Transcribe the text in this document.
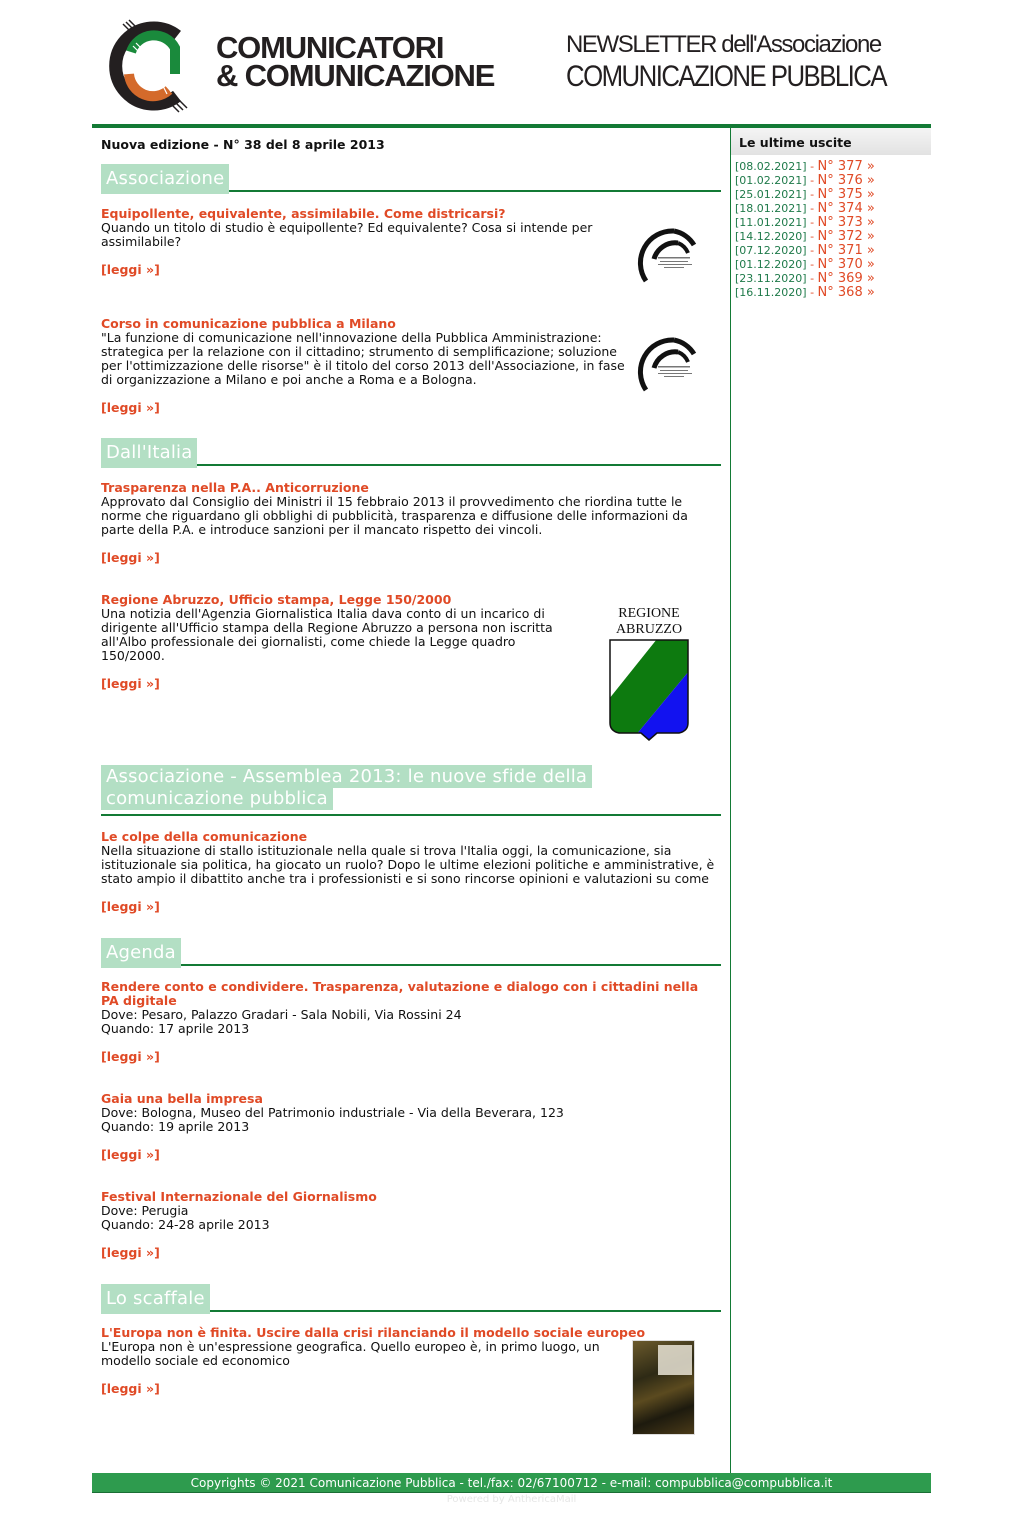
COMUNICATORI
& COMUNICAZIONE
NEWSLETTER dell'Associazione
COMUNICAZIONE PUBBLICA
Nuova edizione - N° 38 del 8 aprile 2013
Associazione
Equipollente, equivalente, assimilabile. Come districarsi?
Quando un titolo di studio è equipollente? Ed equivalente? Cosa si intende per assimilabile?
[leggi »]
Corso in comunicazione pubblica a Milano
"La funzione di comunicazione nell'innovazione della Pubblica Amministrazione: strategica per la relazione con il cittadino; strumento di semplificazione; soluzione per l'ottimizzazione delle risorse" è il titolo del corso 2013 dell'Associazione, in fase di organizzazione a Milano e poi anche a Roma e a Bologna.
[leggi »]
Dall'Italia
Trasparenza nella P.A.. Anticorruzione
Approvato dal Consiglio dei Ministri il 15 febbraio 2013 il provvedimento che riordina tutte le norme che riguardano gli obblighi di pubblicità, trasparenza e diffusione delle informazioni da parte della P.A. e introduce sanzioni per il mancato rispetto dei vincoli.
[leggi »]
Regione Abruzzo, Ufficio stampa, Legge 150/2000
Una notizia dell'Agenzia Giornalistica Italia dava conto di un incarico di dirigente all'Ufficio stampa della Regione Abruzzo a persona non iscritta all'Albo professionale dei giornalisti, come chiede la Legge quadro 150/2000.
[leggi »]
REGIONE
ABRUZZO
Associazione - Assemblea 2013: le nuove sfide della comunicazione pubblica
Le colpe della comunicazione
Nella situazione di stallo istituzionale nella quale si trova l'Italia oggi, la comunicazione, sia istituzionale sia politica, ha giocato un ruolo? Dopo le ultime elezioni politiche e amministrative, è stato ampio il dibattito anche tra i professionisti e si sono rincorse opinioni e valutazioni su come
[leggi »]
Agenda
Rendere conto e condividere. Trasparenza, valutazione e dialogo con i cittadini nella PA digitale
Dove: Pesaro, Palazzo Gradari - Sala Nobili, Via Rossini 24
Quando: 17 aprile 2013
[leggi »]
Gaia una bella impresa
Dove: Bologna, Museo del Patrimonio industriale - Via della Beverara, 123
Quando: 19 aprile 2013
[leggi »]
Festival Internazionale del Giornalismo
Dove: Perugia
Quando: 24-28 aprile 2013
[leggi »]
Lo scaffale
L'Europa non è finita. Uscire dalla crisi rilanciando il modello sociale europeo
L'Europa non è un'espressione geografica. Quello europeo è, in primo luogo, un modello sociale ed economico
[leggi »]
Le ultime uscite
[08.02.2021] - N° 377 »
[01.02.2021] - N° 376 »
[25.01.2021] - N° 375 »
[18.01.2021] - N° 374 »
[11.01.2021] - N° 373 »
[14.12.2020] - N° 372 »
[07.12.2020] - N° 371 »
[01.12.2020] - N° 370 »
[23.11.2020] - N° 369 »
[16.11.2020] - N° 368 »
Copyrights © 2021 Comunicazione Pubblica - tel./fax: 02/67100712 - e-mail: compubblica@compubblica.it
Powered by AnthericaMail
